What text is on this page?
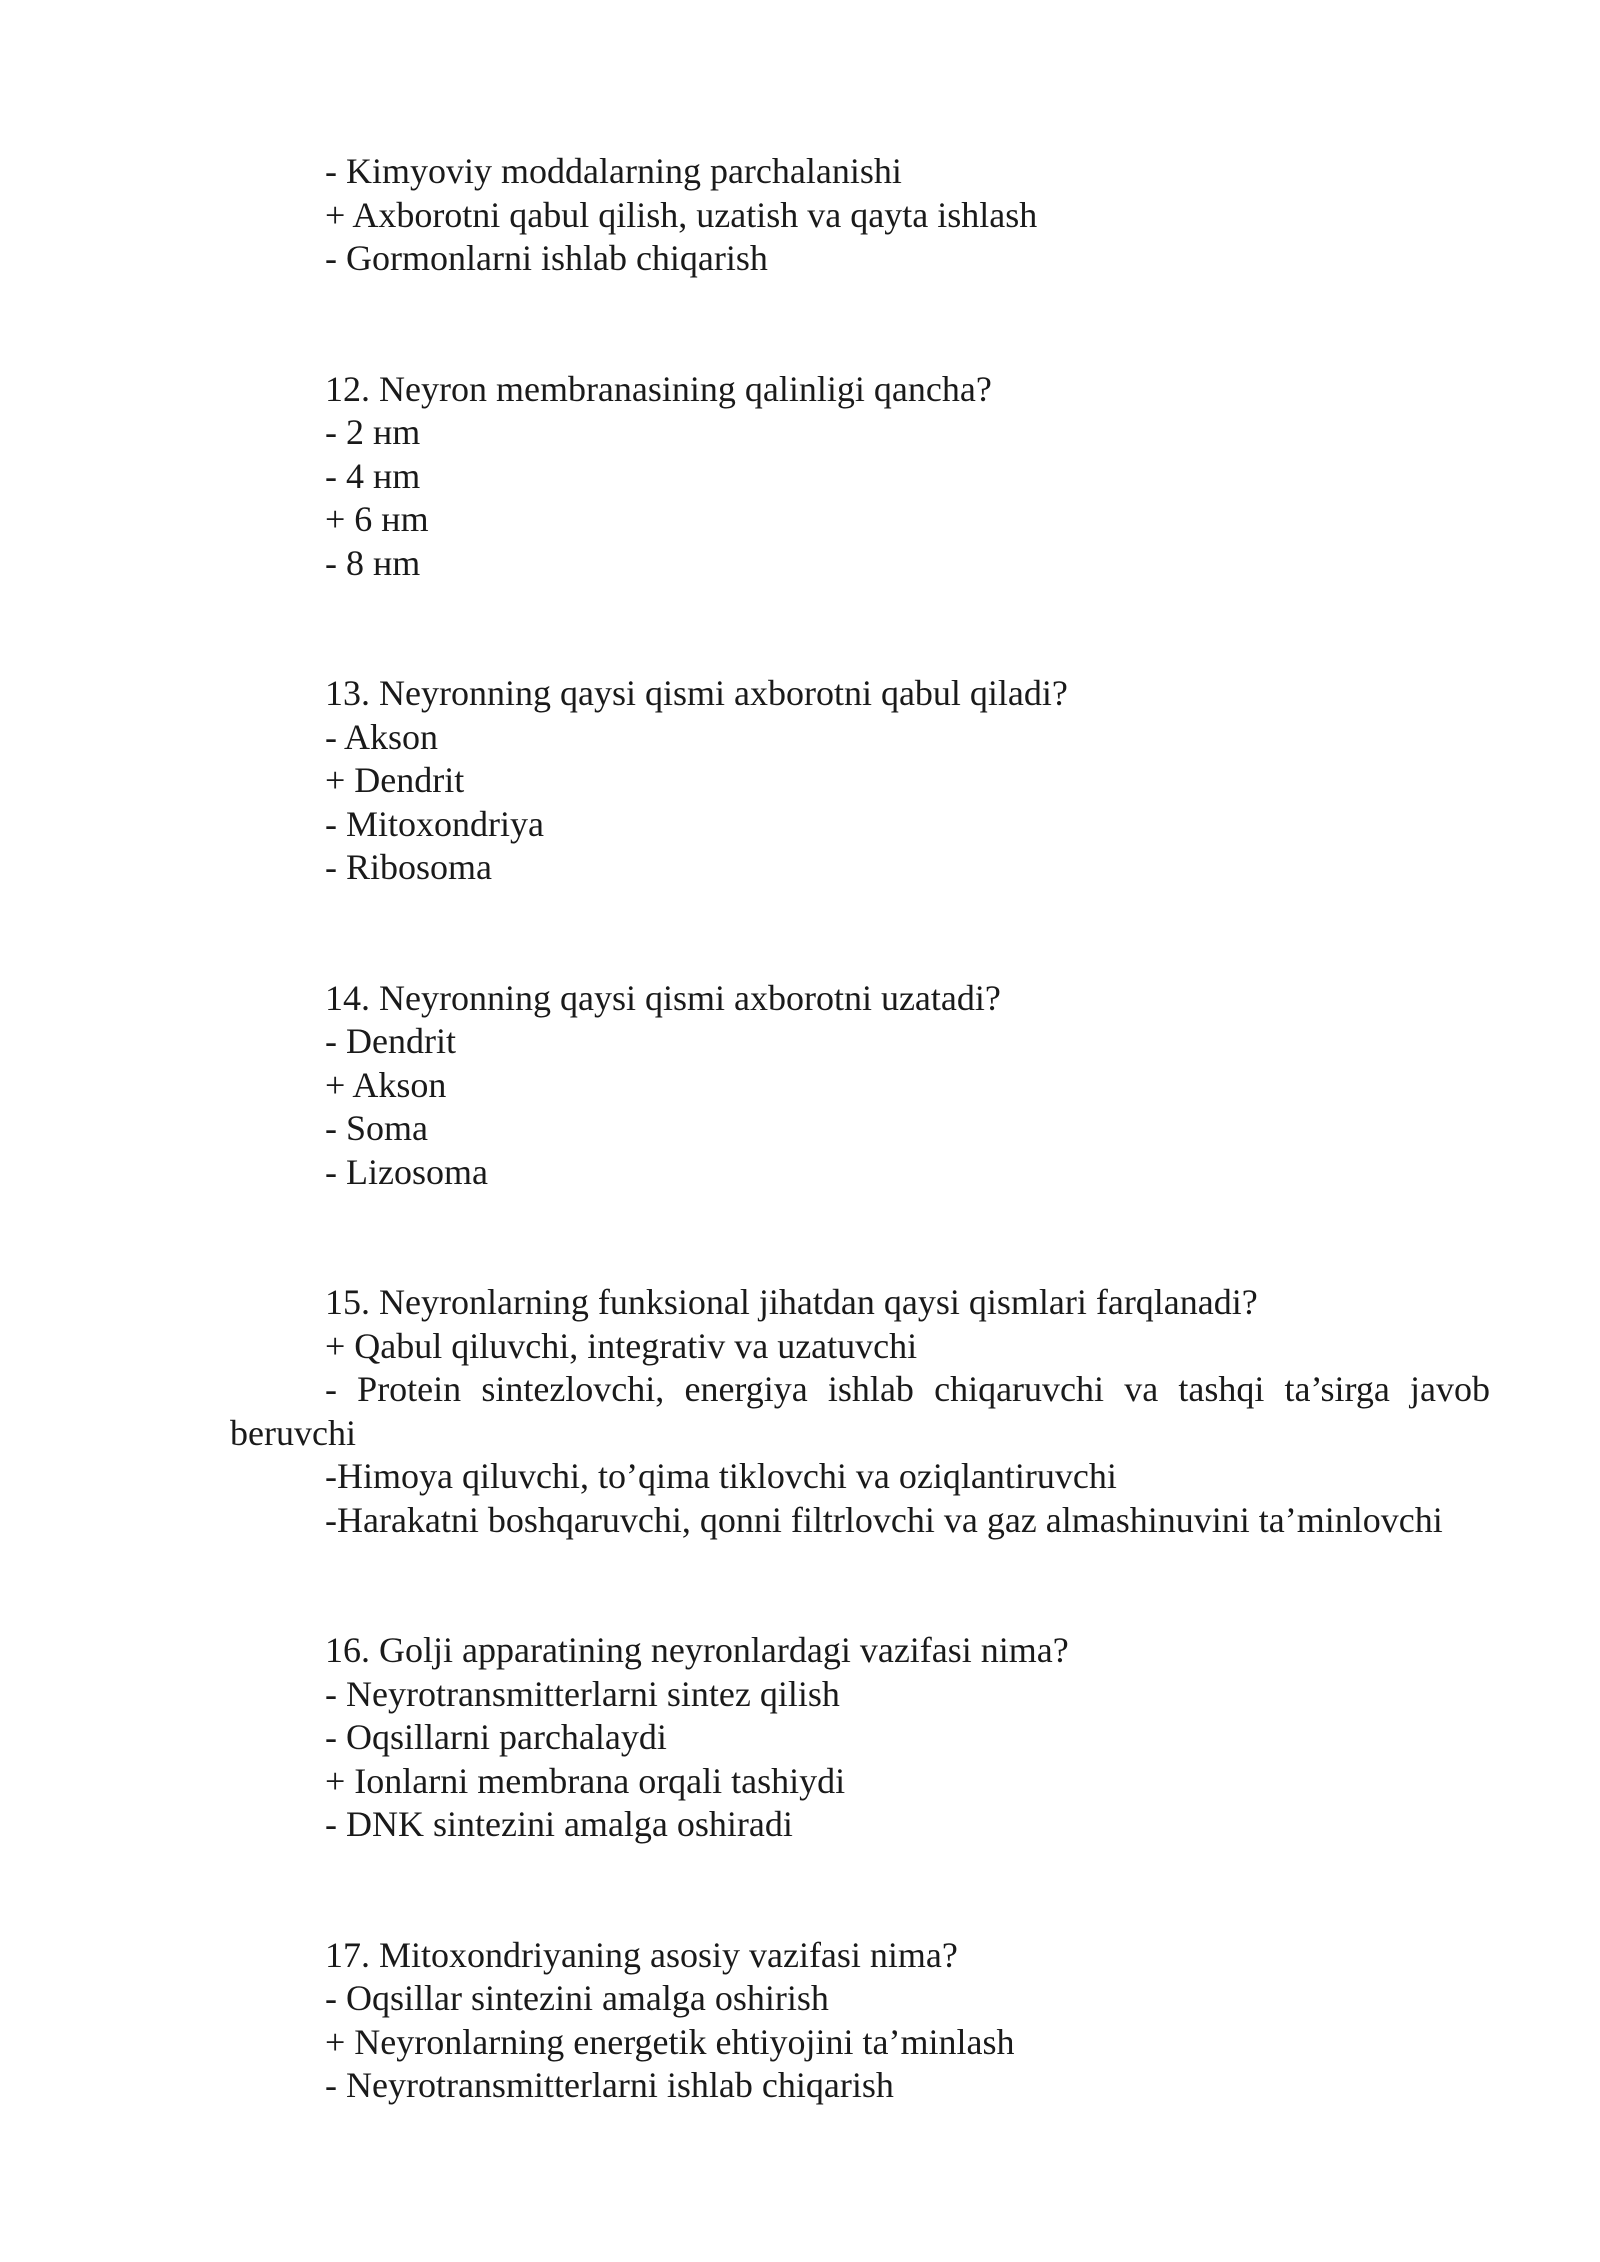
- Kimyoviy moddalarning parchalanishi
+ Axborotni qabul qilish, uzatish va qayta ishlash
- Gormonlarni ishlab chiqarish
12. Neyron membranasining qalinligi qancha?
- 2 нm
- 4 нm
+ 6 нm
- 8 нm
13. Neyronning qaysi qismi axborotni qabul qiladi?
- Akson
+ Dendrit
- Mitoxondriya
- Ribosoma
14. Neyronning qaysi qismi axborotni uzatadi?
- Dendrit
+ Akson
- Soma
- Lizosoma
15. Neyronlarning funksional jihatdan qaysi qismlari farqlanadi?
+ Qabul qiluvchi, integrativ va uzatuvchi
- Protein sintezlovchi, energiya ishlab chiqaruvchi va tashqi ta’sirga javob beruvchi
-Himoya qiluvchi, to’qima tiklovchi va oziqlantiruvchi
-Harakatni boshqaruvchi, qonni filtrlovchi va gaz almashinuvini ta’minlovchi
16. Golji apparatining neyronlardagi vazifasi nima?
- Neyrotransmitterlarni sintez qilish
- Oqsillarni parchalaydi
+ Ionlarni membrana orqali tashiydi
- DNK sintezini amalga oshiradi
17. Mitoxondriyaning asosiy vazifasi nima?
- Oqsillar sintezini amalga oshirish
+ Neyronlarning energetik ehtiyojini ta’minlash
- Neyrotransmitterlarni ishlab chiqarish
